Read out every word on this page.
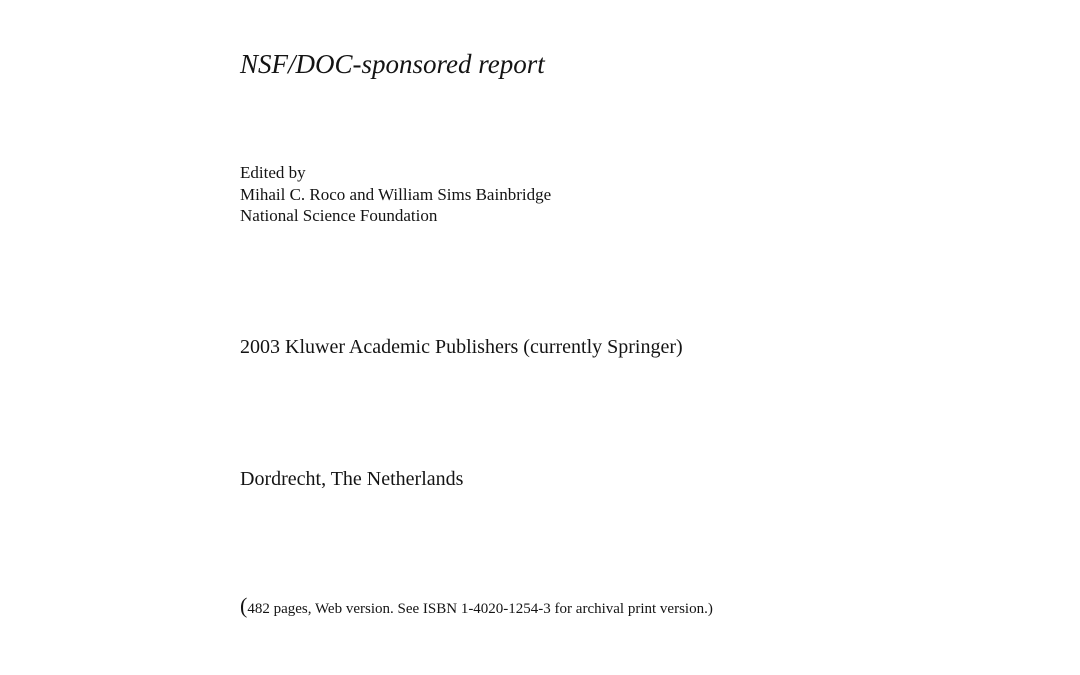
NSF/DOC-sponsored report
Edited by
Mihail C. Roco and William Sims Bainbridge
National Science Foundation
2003 Kluwer Academic Publishers (currently Springer)
Dordrecht, The Netherlands
(482 pages, Web version. See ISBN 1-4020-1254-3 for archival print version.)
